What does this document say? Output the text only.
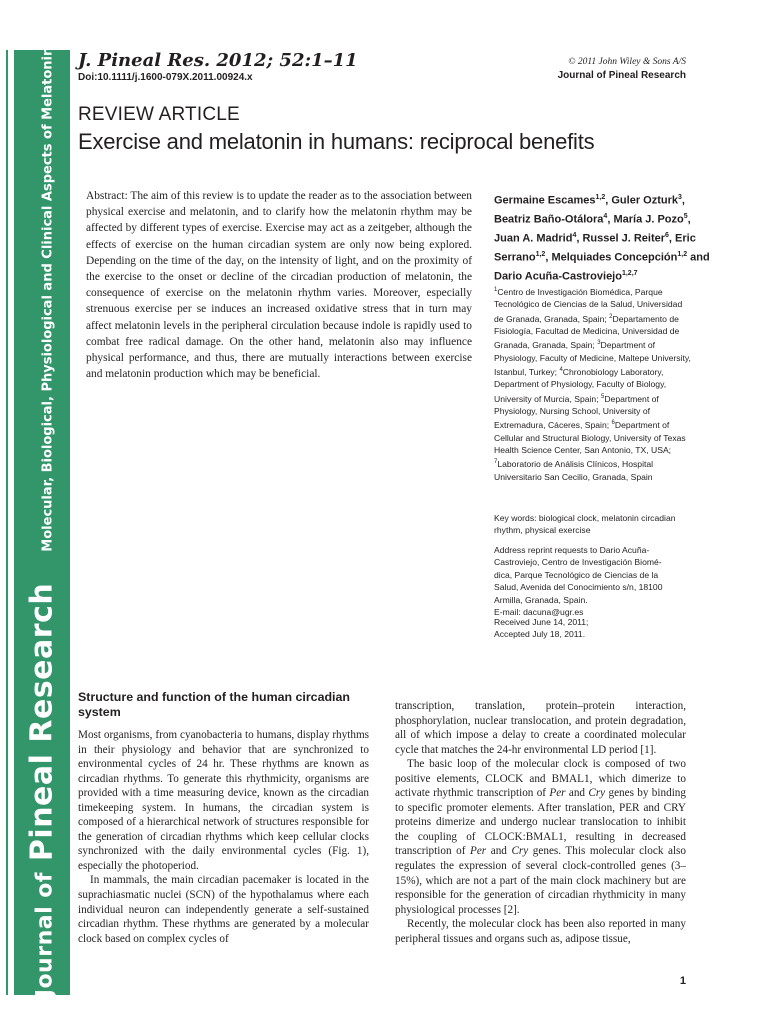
Journal of Pineal Research Molecular, Biological, Physiological and Clinical Aspects of Melatonin J. Pineal Res. 2012; 52:1–11
Doi:10.1111/j.1600-079X.2011.00924.x
© 2011 John Wiley & Sons A/S
Journal of Pineal Research
REVIEW ARTICLE
Exercise and melatonin in humans: reciprocal benefits
Abstract: The aim of this review is to update the reader as to the association between physical exercise and melatonin, and to clarify how the melatonin rhythm may be affected by different types of exercise. Exercise may act as a zeitgeber, although the effects of exercise on the human circadian system are only now being explored. Depending on the time of the day, on the intensity of light, and on the proximity of the exercise to the onset or decline of the circadian production of melatonin, the consequence of exercise on the melatonin rhythm varies. Moreover, especially strenuous exercise per se induces an increased oxidative stress that in turn may affect melatonin levels in the peripheral circulation because indole is rapidly used to combat free radical damage. On the other hand, melatonin also may influence physical performance, and thus, there are mutually interactions between exercise and melatonin production which may be beneficial.
Germaine Escames$^{1,2}$, Guler Ozturk$^3$, Beatriz Baño-Otálora$^4$, María J. Pozo$^5$, Juan A. Madrid$^4$, Russel J. Reiter$^6$, Eric Serrano$^{1,2}$, Melquiades Concepción$^{1,2}$ and Dario Acuña-Castroviejo$^{1,2,7}$
$^1$Centro de Investigación Biomédica, Parque Tecnológico de Ciencias de la Salud, Universidad de Granada, Granada, Spain; $^2$Departamento de Fisiología, Facultad de Medicina, Universidad de Granada, Granada, Spain; $^3$Department of Physiology, Faculty of Medicine, Maltepe University, Istanbul, Turkey; $^4$Chronobiology Laboratory, Department of Physiology, Faculty of Biology, University of Murcia, Spain; $^5$Department of Physiology, Nursing School, University of Extremadura, Cáceres, Spain; $^6$Department of Cellular and Structural Biology, University of Texas Health Science Center, San Antonio, TX, USA; $^7$Laboratorio de Análisis Clínicos, Hospital Universitario San Cecilio, Granada, Spain
Key words: biological clock, melatonin circadian rhythm, physical exercise
Address reprint requests to Dario Acuña-
Castroviejo, Centro de Investigación Biomé-
dica, Parque Tecnológico de Ciencias de la
Salud, Avenida del Conocimiento s/n, 18100
Armilla, Granada, Spain.
E-mail: dacuna@ugr.es
Received June 14, 2011;
Accepted July 18, 2011.
Structure and function of the human circadian system

Most organisms, from cyanobacteria to humans, display rhythms in their physiology and behavior that are synchronized to environmental cycles of 24 hr. These rhythms are known as circadian rhythms. To generate this rhythmicity, organisms are provided with a time measuring device, known as the circadian timekeeping system. In humans, the circadian system is composed of a hierarchical network of structures responsible for the generation of circadian rhythms which keep cellular clocks synchronized with the daily environmental cycles (Fig. 1), especially the photoperiod.

In mammals, the main circadian pacemaker is located in the suprachiasmatic nuclei (SCN) of the hypothalamus where each individual neuron can independently generate a self-sustained circadian rhythm. These rhythms are generated by a molecular clock based on complex cycles of

transcription, translation, protein–protein interaction, phosphorylation, nuclear translocation, and protein degradation, all of which impose a delay to create a coordinated molecular cycle that matches the 24-hr environmental LD period [1].

The basic loop of the molecular clock is composed of two positive elements, CLOCK and BMAL1, which dimerize to activate rhythmic transcription of Per and Cry genes by binding to specific promoter elements. After translation, PER and CRY proteins dimerize and undergo nuclear translocation to inhibit the coupling of CLOCK:BMAL1, resulting in decreased transcription of Per and Cry genes. This molecular clock also regulates the expression of several clock-controlled genes (3–15%), which are not a part of the main clock machinery but are responsible for the generation of circadian rhythmicity in many physiological processes [2].

Recently, the molecular clock has been also reported in many peripheral tissues and organs such as, adipose tissue,

1
